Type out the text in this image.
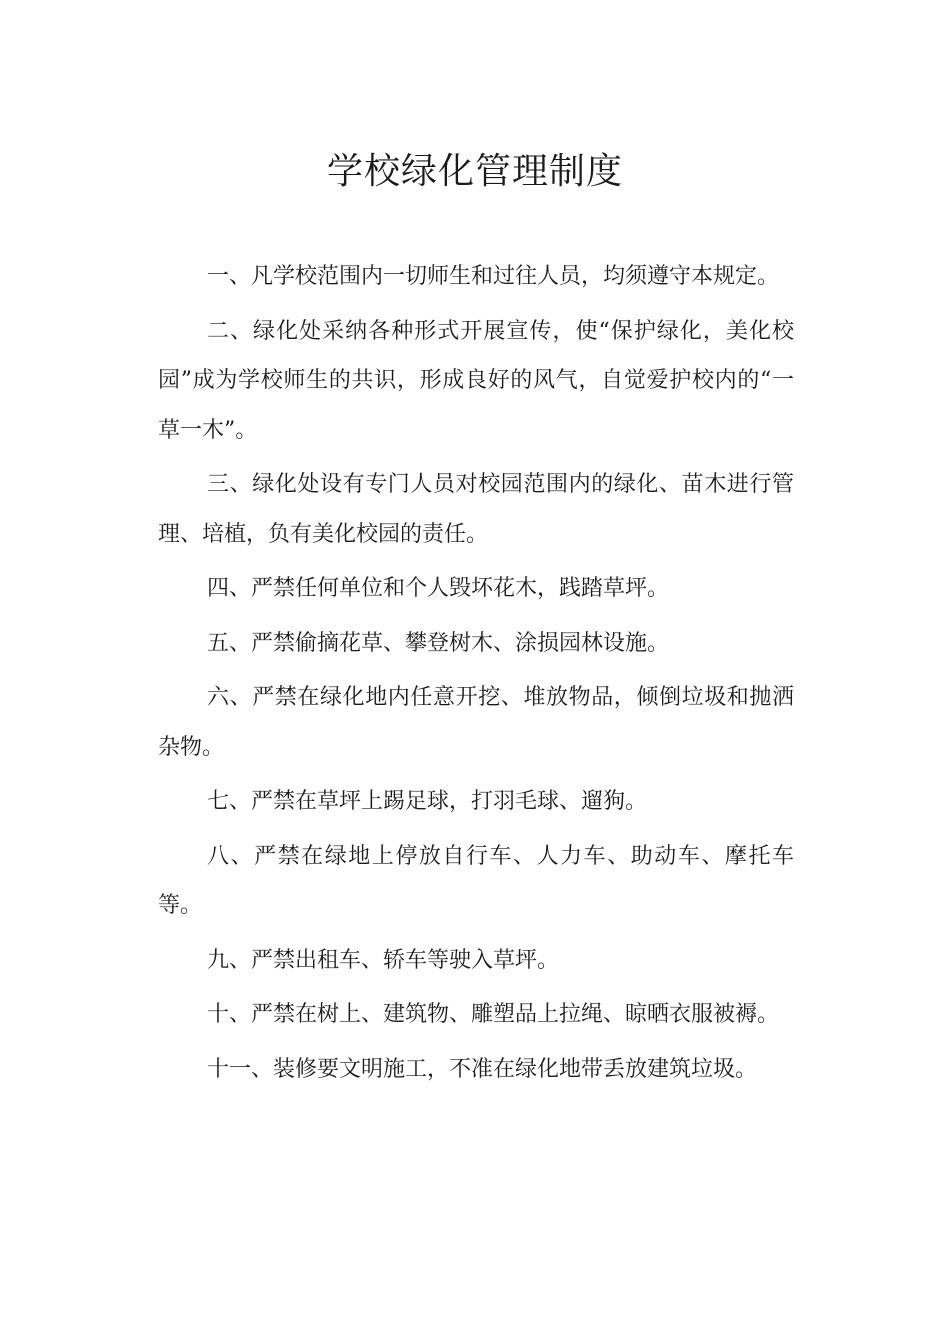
学校绿化管理制度

一、凡学校范围内一切师生和过往人员，均须遵守本规定。

二、绿化处采纳各种形式开展宣传，使“保护绿化，美化校园”成为学校师生的共识，形成良好的风气，自觉爱护校内的“一草一木”。

三、绿化处设有专门人员对校园范围内的绿化、苗木进行管理、培植，负有美化校园的责任。

四、严禁任何单位和个人毁坏花木，践踏草坪。

五、严禁偷摘花草、攀登树木、涂损园林设施。

六、严禁在绿化地内任意开挖、堆放物品，倾倒垃圾和抛洒杂物。

七、严禁在草坪上踢足球，打羽毛球、遛狗。

八、严禁在绿地上停放自行车、人力车、助动车、摩托车等。

九、严禁出租车、轿车等驶入草坪。

十、严禁在树上、建筑物、雕塑品上拉绳、晾晒衣服被褥。

十一、装修要文明施工，不准在绿化地带丢放建筑垃圾。
